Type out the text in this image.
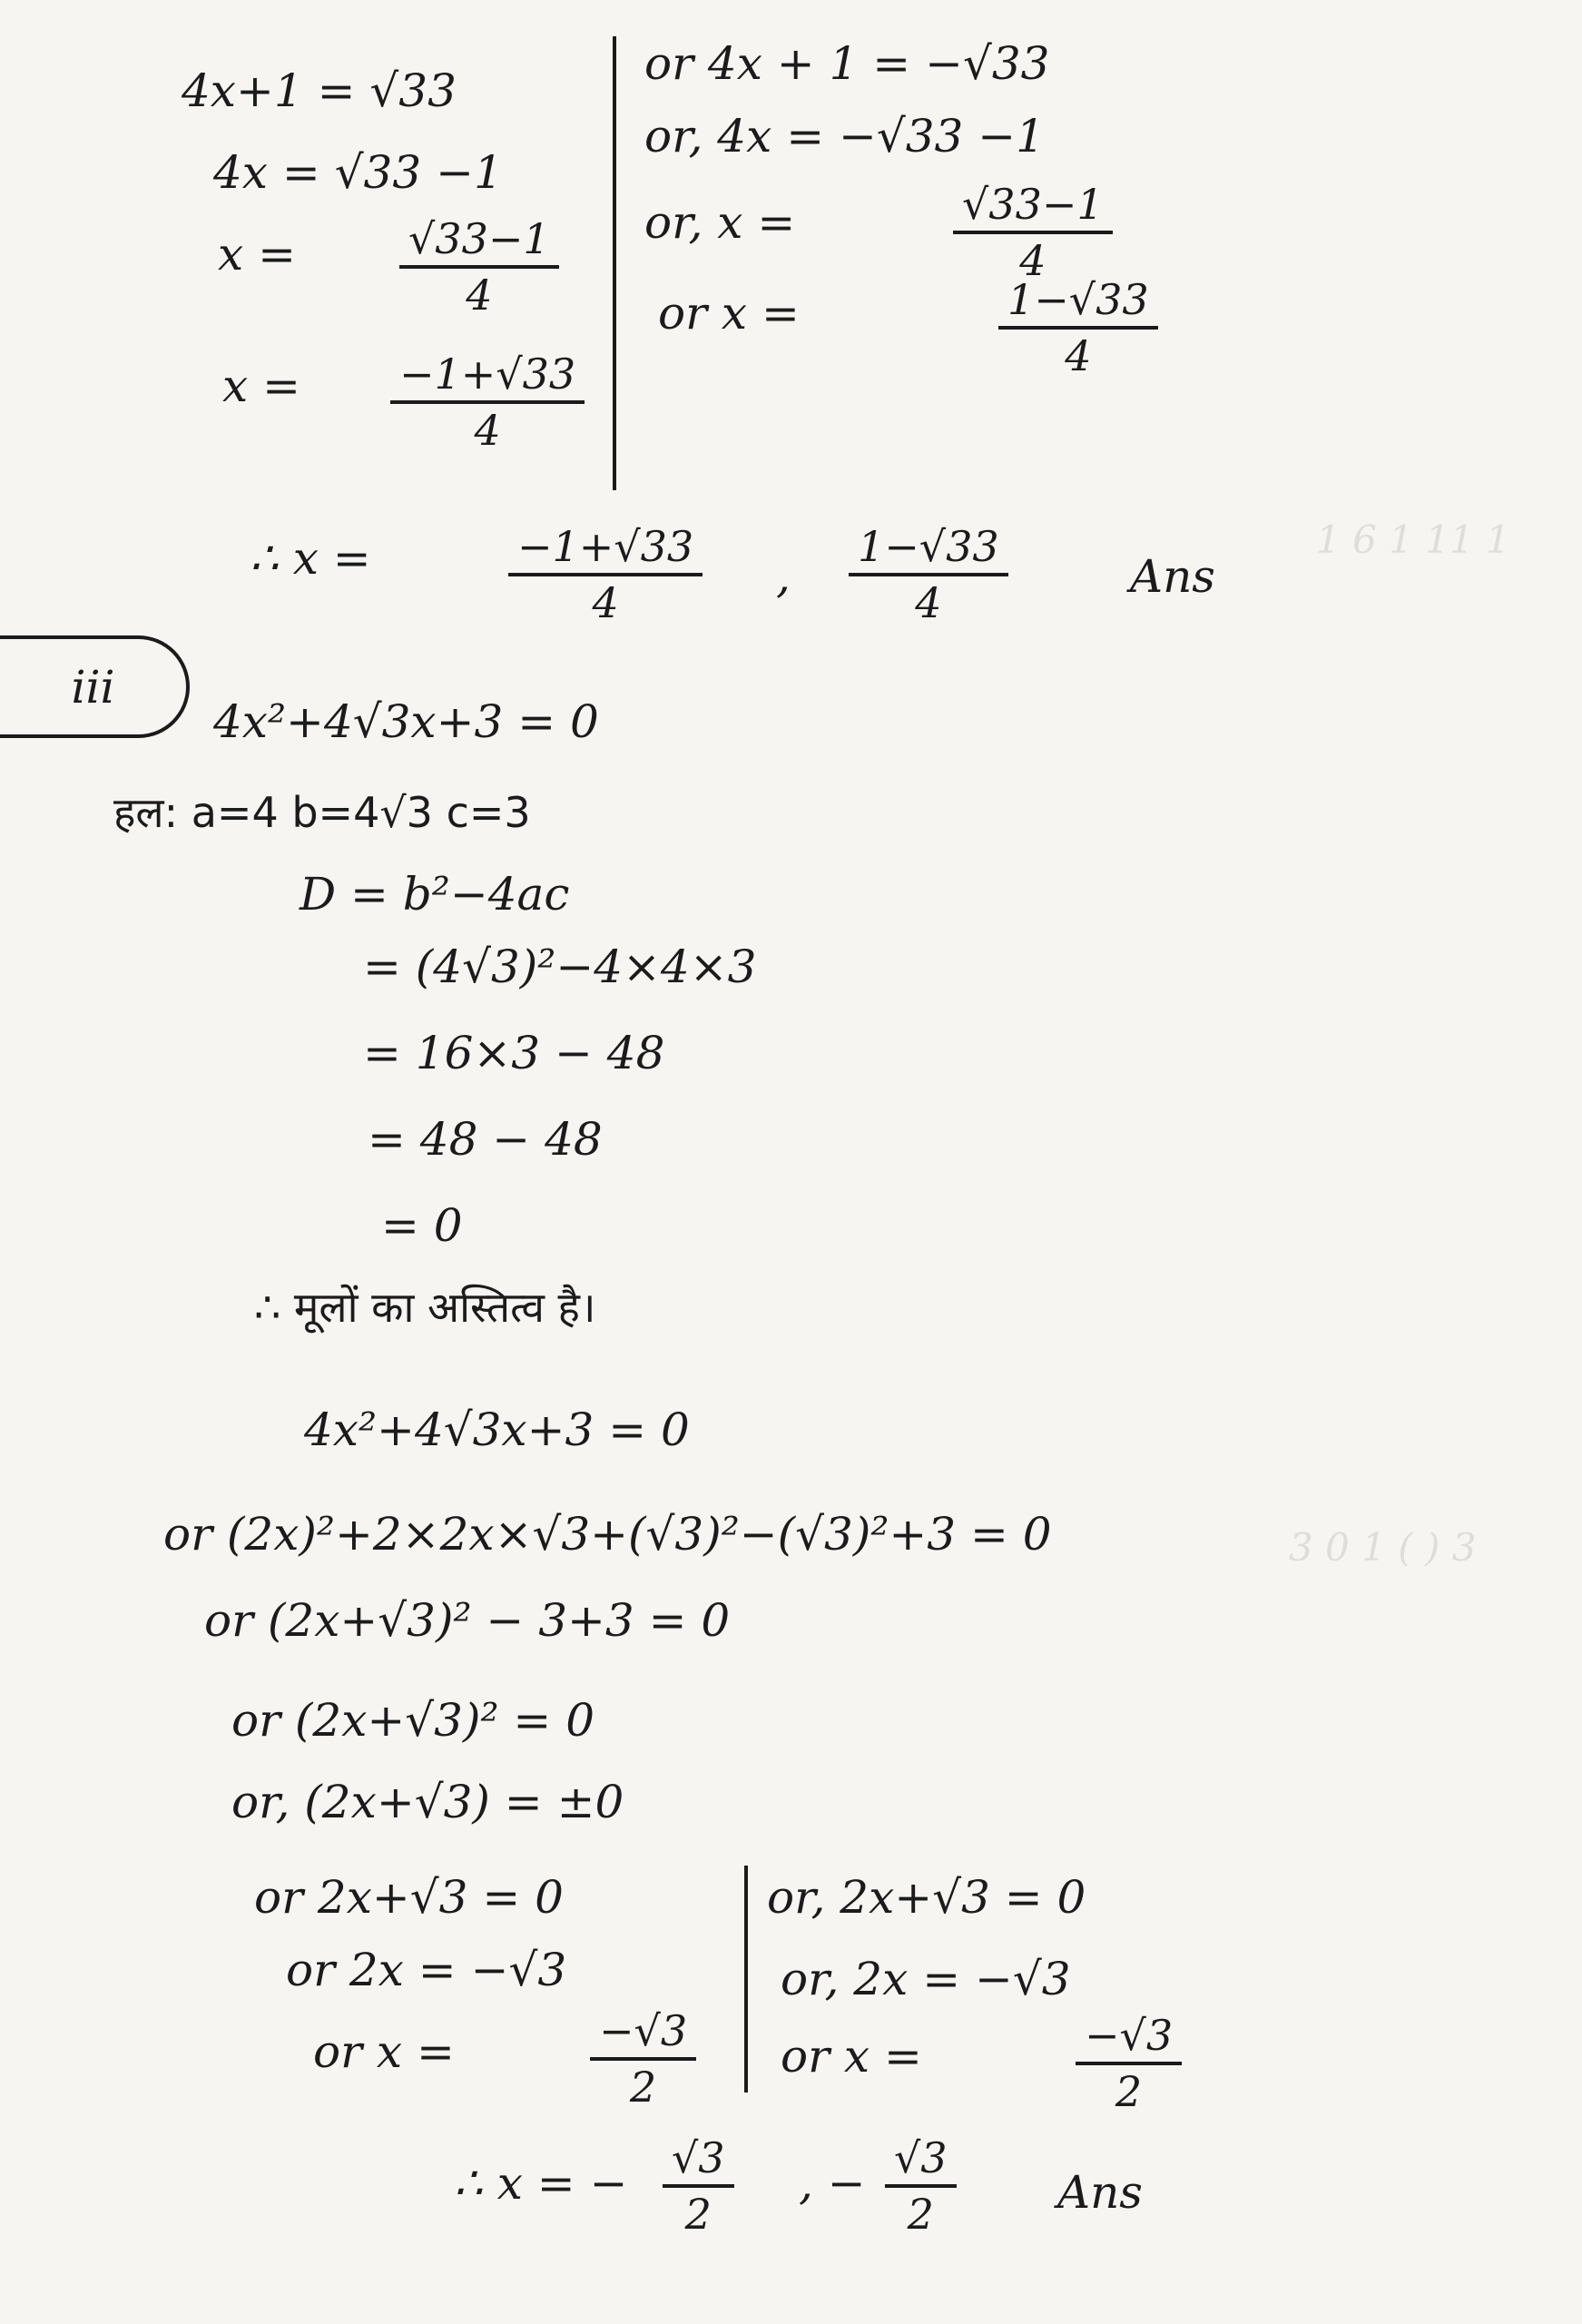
1 6 1 11 1
3 0 1 ( ) 3
4x+1 = √33
4x = √33 −1
$x = \frac{√33-1}{4}$
$x = \frac{-1+√33}{4}$
or 4x + 1 = −√33
or, 4x = −√33 −1
or, x =	$\frac{√33-1}{4}$
or x =	$\frac{1-√33}{4}$
∴ x =	$\frac{-1+√33}{4}$ , $\frac{1-√33}{4}$	Ans
iii
4x²+4√3x+3 = 0
हल: a=4 b=4√3 c=3
D = b²−4ac
= (4√3)²−4×4×3
= 16×3 − 48
= 48 − 48
= 0
∴ मूलों का अस्तित्व है।
4x²+4√3x+3 = 0
or (2x)²+2×2x×√3+(√3)²−(√3)²+3 = 0
or (2x+√3)² − 3+3 = 0
or (2x+√3)² = 0
or, (2x+√3) = ±0
or 2x+√3 = 0
or 2x = −√3
or x =	$\frac{-√3}{2}$
or, 2x+√3 = 0
or, 2x = −√3
or x =	$\frac{-√3}{2}$
∴ x = − $\frac{√3}{2}$ , − $\frac{√3}{2}$ Ans
